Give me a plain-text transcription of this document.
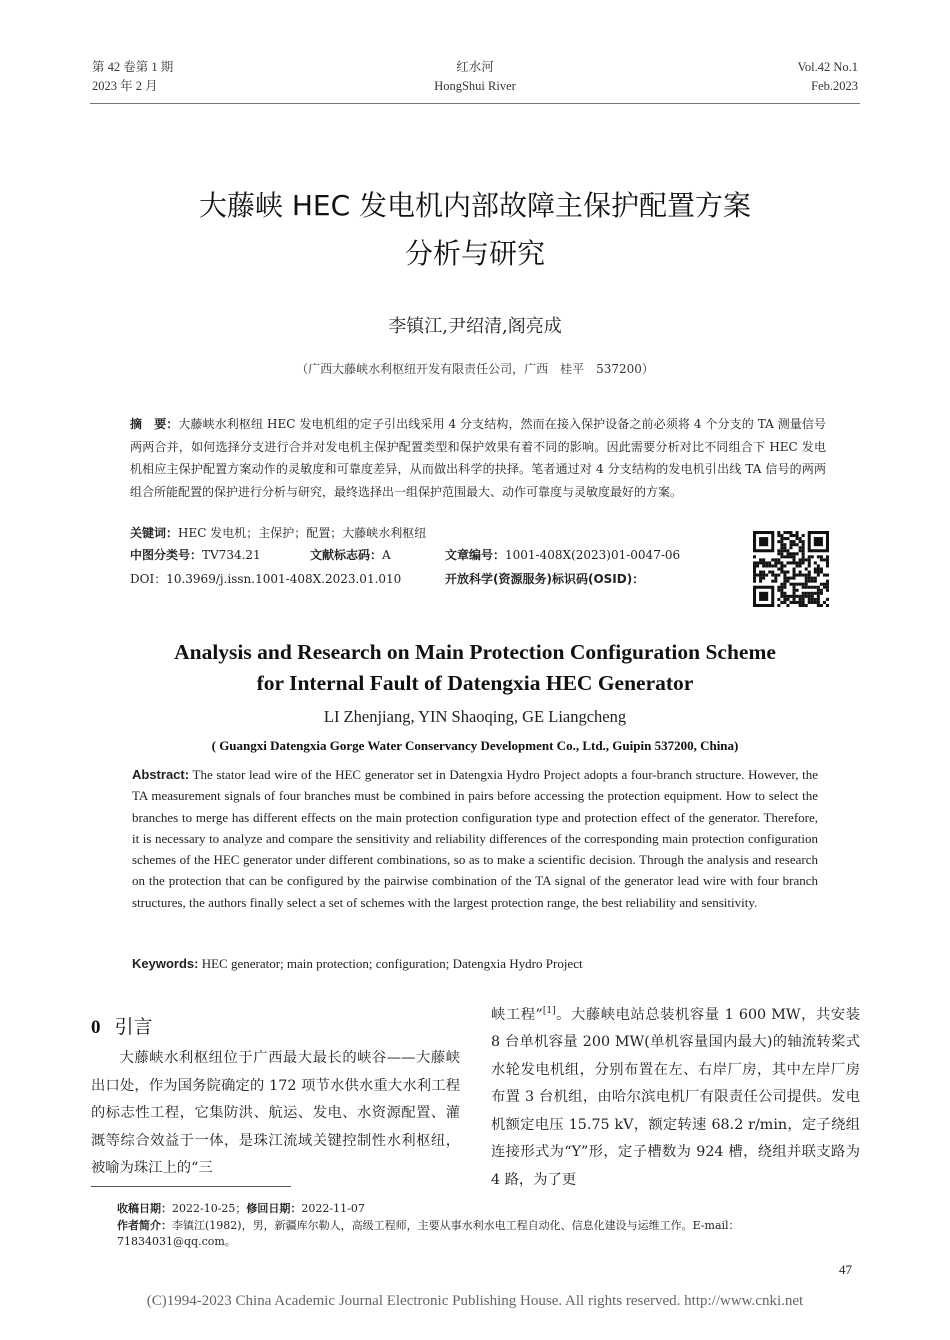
第 42 卷第 1 期
2023 年 2 月
红水河
HongShui River
Vol.42 No.1
Feb.2023
大藤峡 HEC 发电机内部故障主保护配置方案
分析与研究
李镇江,尹绍清,阁亮成
（广西大藤峡水利枢纽开发有限责任公司，广西　桂平　537200）
摘　要：大藤峡水利枢纽 HEC 发电机组的定子引出线采用 4 分支结构，然而在接入保护设备之前必须将 4 个分支的 TA 测量信号两两合并，如何选择分支进行合并对发电机主保护配置类型和保护效果有着不同的影响。因此需要分析对比不同组合下 HEC 发电机相应主保护配置方案动作的灵敏度和可靠度差异，从而做出科学的抉择。笔者通过对 4 分支结构的发电机引出线 TA 信号的两两组合所能配置的保护进行分析与研究，最终选择出一组保护范围最大、动作可靠度与灵敏度最好的方案。
关键词：HEC 发电机；主保护；配置；大藤峡水利枢纽
中图分类号：TV734.21	文献标志码：A	文章编号：1001-408X(2023)01-0047-06
DOI：10.3969/j.issn.1001-408X.2023.01.010	开放科学(资源服务)标识码(OSID)：
Analysis and Research on Main Protection Configuration Scheme
for Internal Fault of Datengxia HEC Generator
LI Zhenjiang, YIN Shaoqing, GE Liangcheng
( Guangxi Datengxia Gorge Water Conservancy Development Co., Ltd., Guipin 537200, China)
Abstract: The stator lead wire of the HEC generator set in Datengxia Hydro Project adopts a four-branch structure. However, the TA measurement signals of four branches must be combined in pairs before accessing the protection equipment. How to select the branches to merge has different effects on the main protection configuration type and protection effect of the generator. Therefore, it is necessary to analyze and compare the sensitivity and reliability differences of the corresponding main protection configuration schemes of the HEC generator under different combinations, so as to make a scientific decision. Through the analysis and research on the protection that can be configured by the pairwise combination of the TA signal of the generator lead wire with four branch structures, the authors finally select a set of schemes with the largest protection range, the best reliability and sensitivity.
Keywords: HEC generator; main protection; configuration; Datengxia Hydro Project
0 引言

大藤峡水利枢纽位于广西最大最长的峡谷——大藤峡出口处，作为国务院确定的 172 项节水供水重大水利工程的标志性工程，它集防洪、航运、发电、水资源配置、灌溉等综合效益于一体，是珠江流域关键控制性水利枢纽，被喻为珠江上的“三

峡工程”[1]。大藤峡电站总装机容量 1 600 MW，共安装 8 台单机容量 200 MW(单机容量国内最大)的轴流转桨式水轮发电机组，分别布置在左、右岸厂房，其中左岸厂房布置 3 台机组，由哈尔滨电机厂有限责任公司提供。发电机额定电压 15.75 kV，额定转速 68.2 r/min，定子绕组连接形式为“Y”形，定子槽数为 924 槽，绕组并联支路为 4 路，为了更

收稿日期：2022-10-25；修回日期：2022-11-07
作者简介：李镇江(1982)，男，新疆库尔勒人，高级工程师，主要从事水利水电工程自动化、信息化建设与运维工作。E-mail：71834031@qq.com。
47
(C)1994-2023 China Academic Journal Electronic Publishing House. All rights reserved. http://www.cnki.net
